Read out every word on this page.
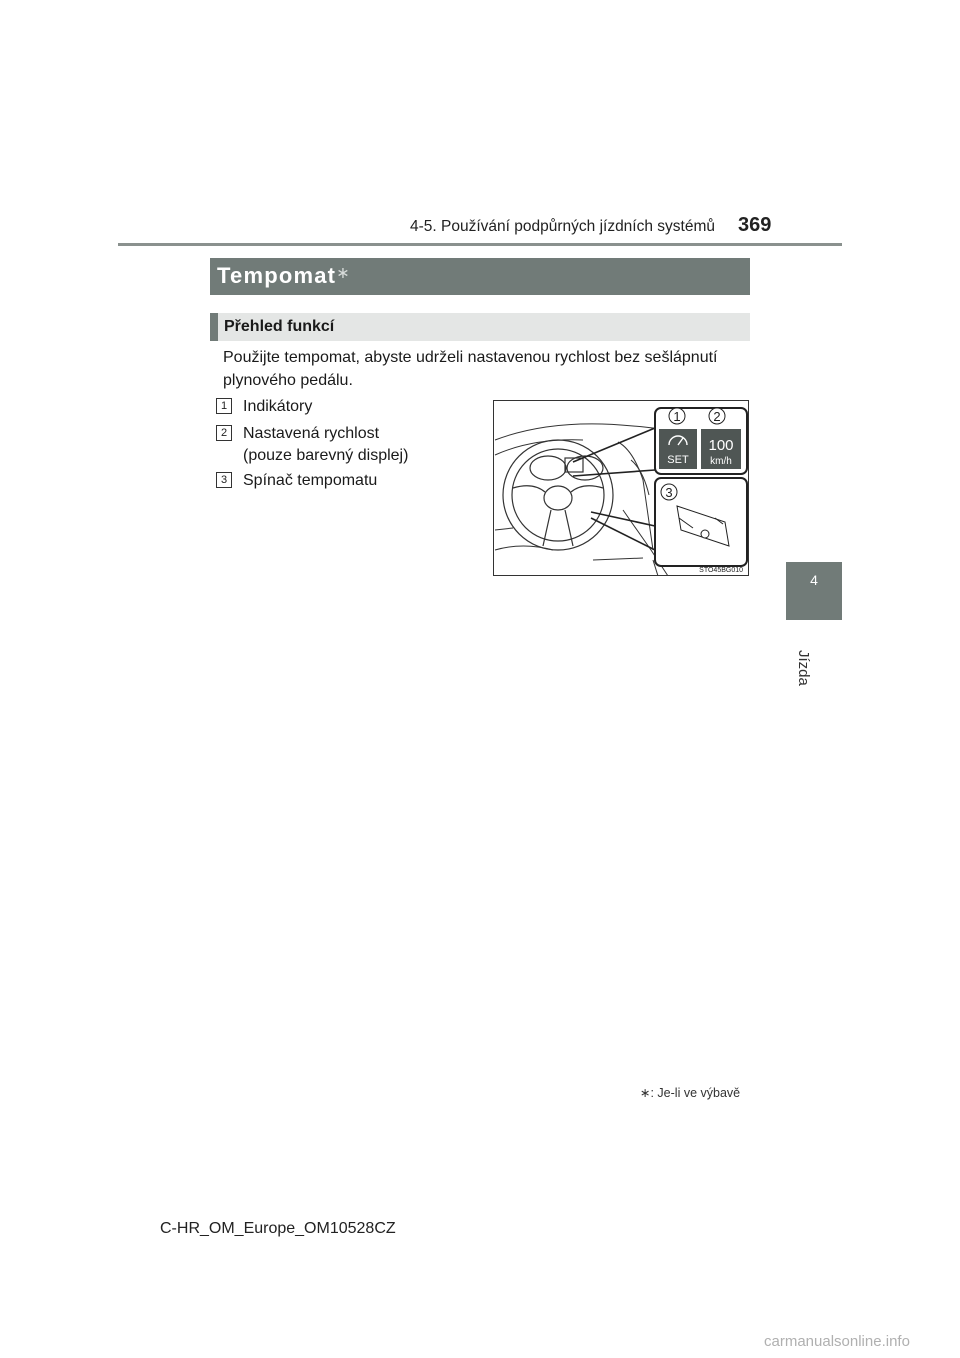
4-5. Používání podpůrných jízdních systémů 369
4
Jízda
Tempomat∗
Přehled funkcí
Použijte tempomat, abyste udrželi nastavenou rychlost bez sešlápnutí plynového pedálu.
1 Indikátory
2 Nastavená rychlost
(pouze barevný displej)
3 Spínač tempomatu
1	2
3
SET
100
km/h
STO45BG010
∗: Je-li ve výbavě
C-HR_OM_Europe_OM10528CZ
carmanualsonline.info
